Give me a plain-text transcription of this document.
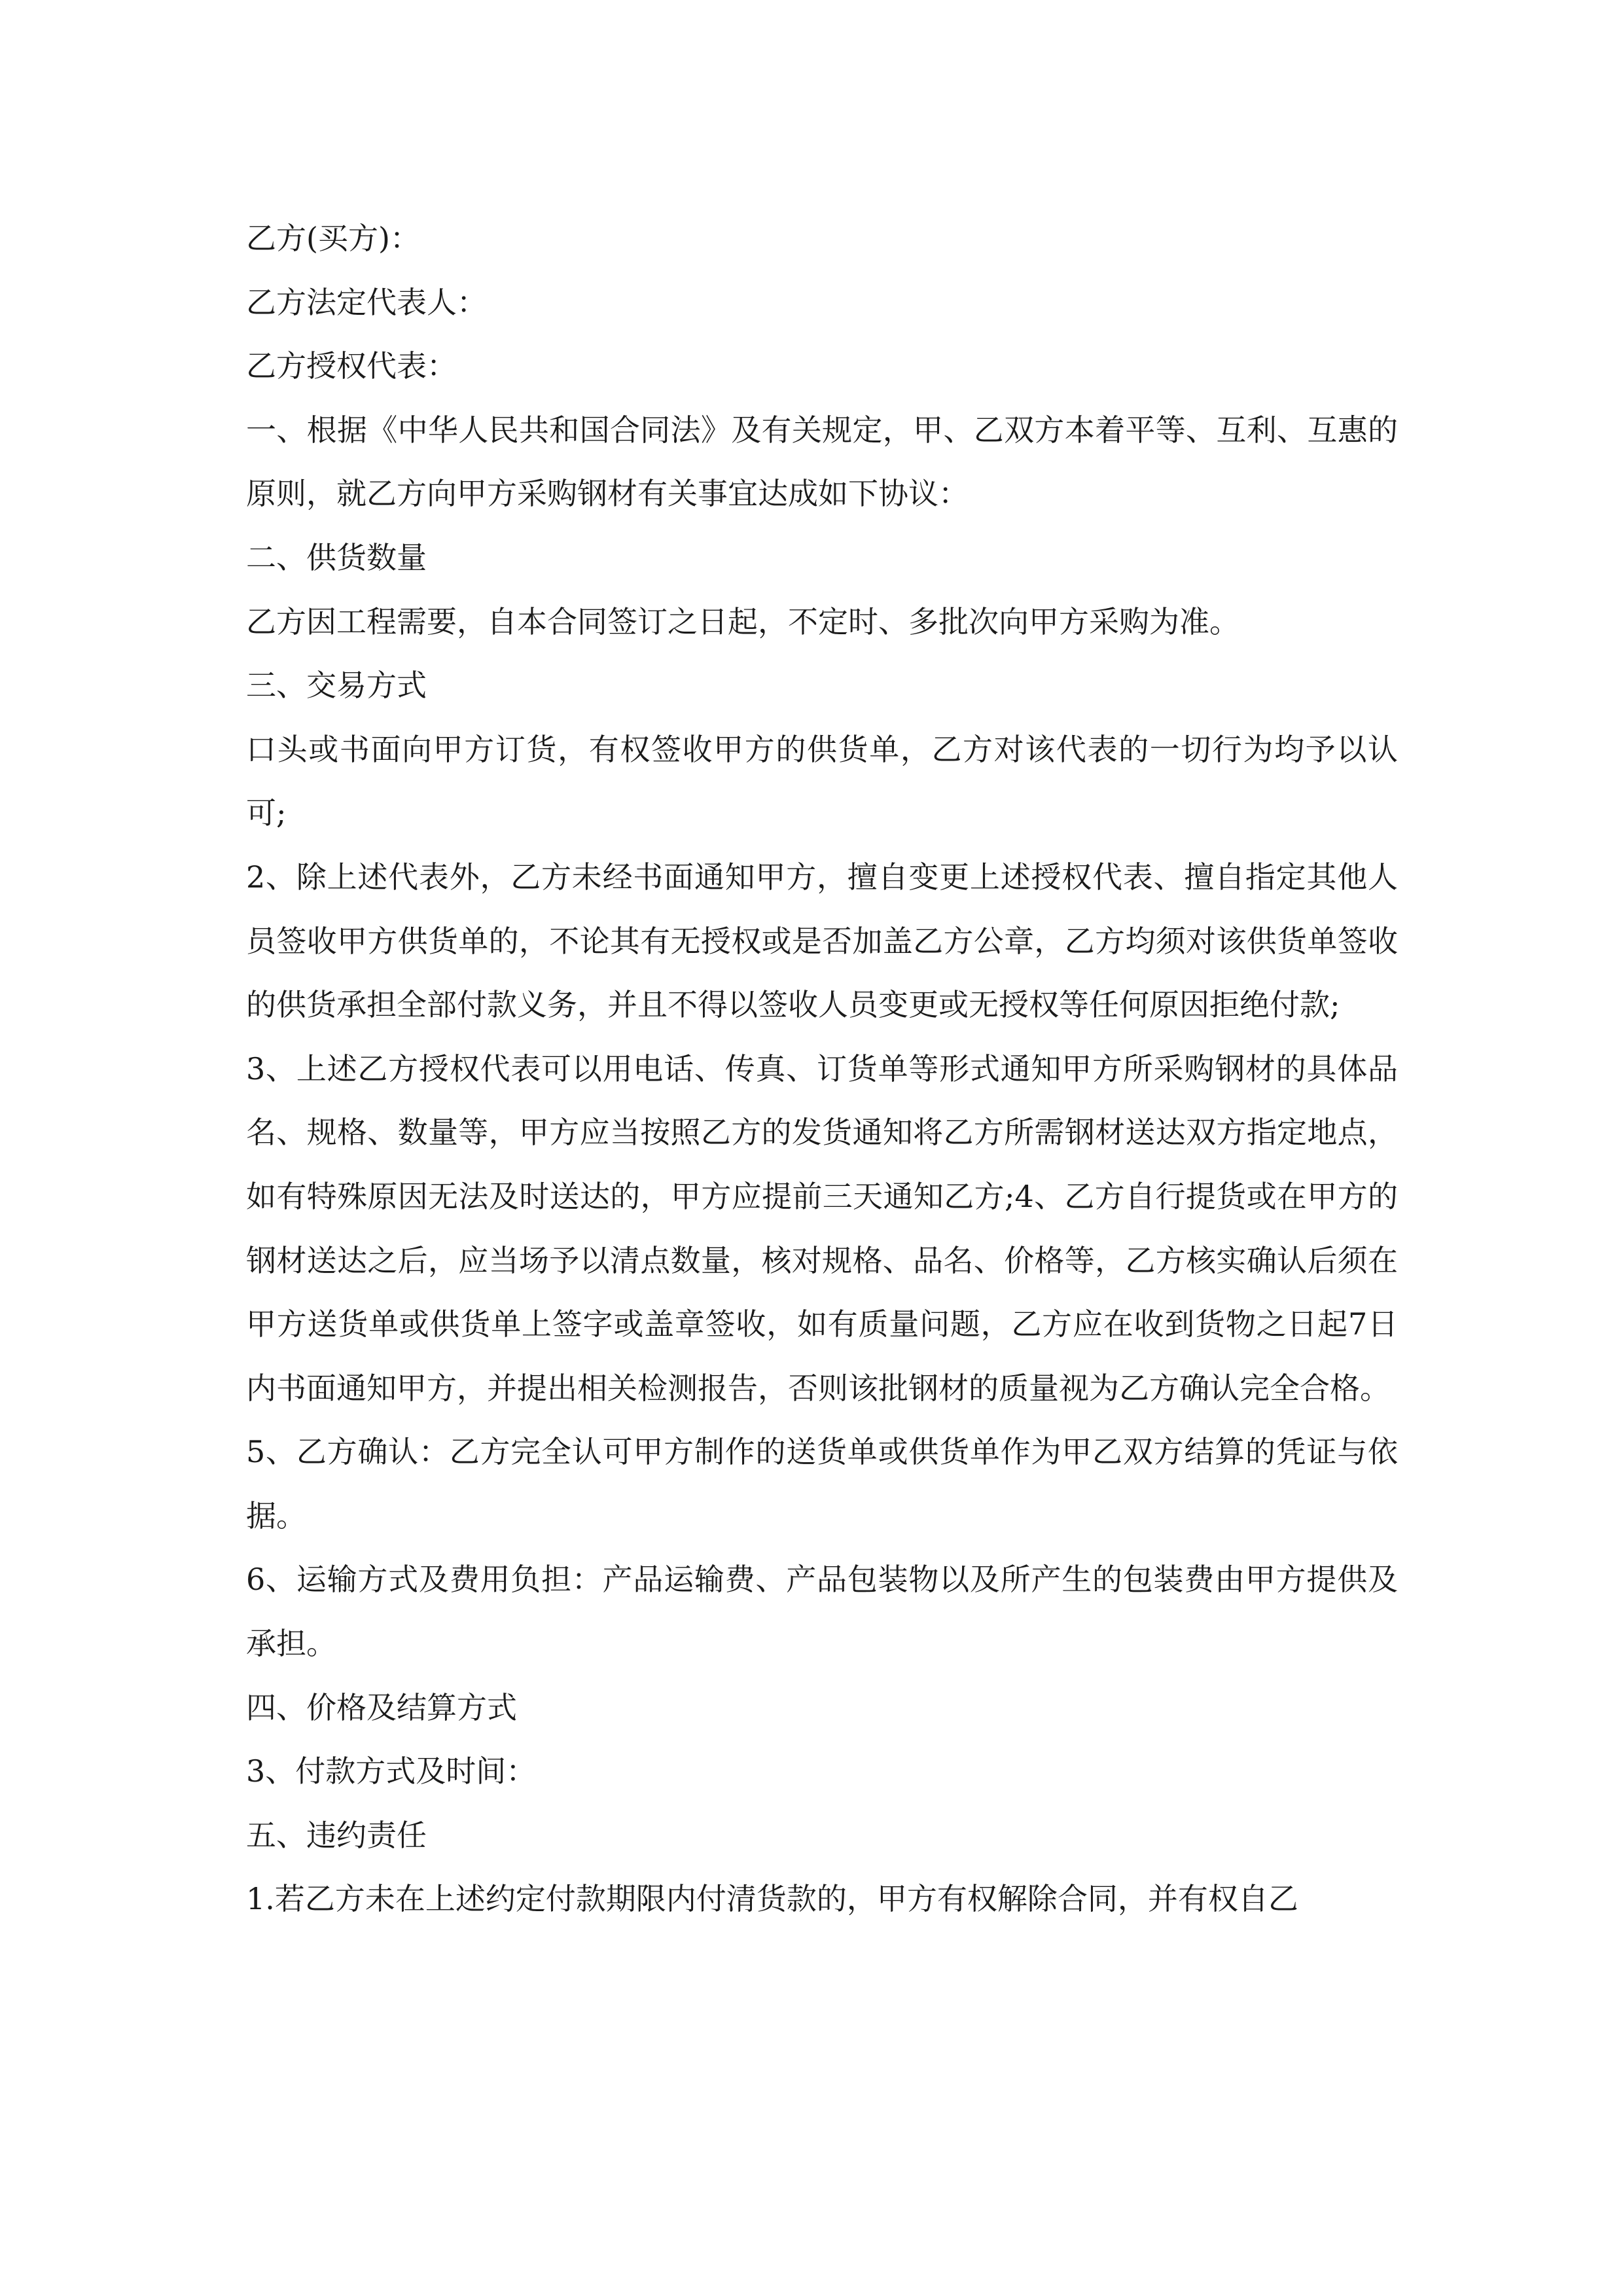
乙方(买方)：

乙方法定代表人：

乙方授权代表：

一、根据《中华人民共和国合同法》及有关规定，甲、乙双方本着平等、互利、互惠的原则，就乙方向甲方采购钢材有关事宜达成如下协议：

二、供货数量

乙方因工程需要，自本合同签订之日起，不定时、多批次向甲方采购为准。

三、交易方式

口头或书面向甲方订货，有权签收甲方的供货单，乙方对该代表的一切行为均予以认可;

2、除上述代表外，乙方未经书面通知甲方，擅自变更上述授权代表、擅自指定其他人员签收甲方供货单的，不论其有无授权或是否加盖乙方公章，乙方均须对该供货单签收的供货承担全部付款义务，并且不得以签收人员变更或无授权等任何原因拒绝付款;

3、上述乙方授权代表可以用电话、传真、订货单等形式通知甲方所采购钢材的具体品名、规格、数量等，甲方应当按照乙方的发货通知将乙方所需钢材送达双方指定地点，如有特殊原因无法及时送达的，甲方应提前三天通知乙方;4、乙方自行提货或在甲方的钢材送达之后，应当场予以清点数量，核对规格、品名、价格等，乙方核实确认后须在甲方送货单或供货单上签字或盖章签收，如有质量问题，乙方应在收到货物之日起7日内书面通知甲方，并提出相关检测报告，否则该批钢材的质量视为乙方确认完全合格。

5、乙方确认：乙方完全认可甲方制作的送货单或供货单作为甲乙双方结算的凭证与依据。

6、运输方式及费用负担：产品运输费、产品包装物以及所产生的包装费由甲方提供及承担。

四、价格及结算方式

3、付款方式及时间：

五、违约责任

1.若乙方未在上述约定付款期限内付清货款的，甲方有权解除合同，并有权自乙
